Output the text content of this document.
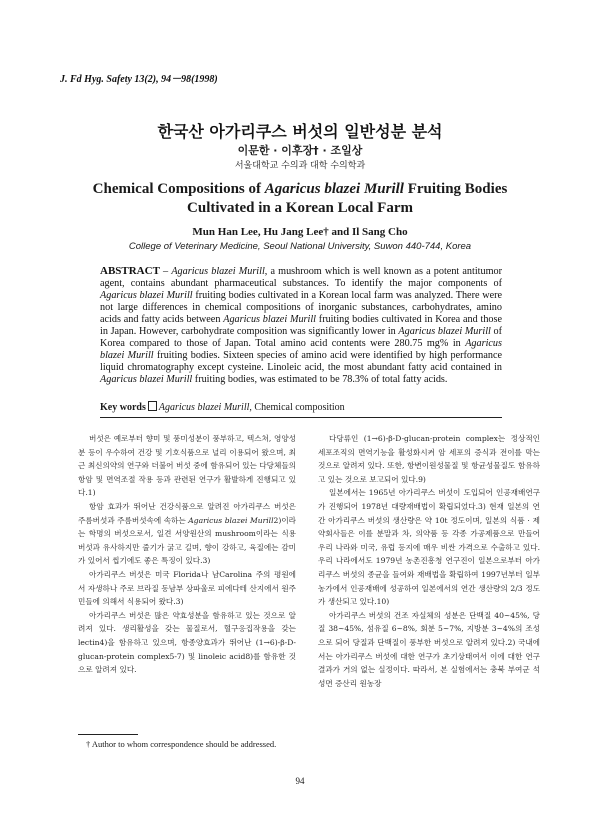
J. Fd Hyg. Safety 13(2), 94－98(1998)
한국산 아가리쿠스 버섯의 일반성분 분석
이문한 · 이후장† · 조일상
서울대학교 수의과 대학 수의학과
Chemical Compositions of Agaricus blazei Murill Fruiting Bodies Cultivated in a Korean Local Farm
Mun Han Lee, Hu Jang Lee† and Il Sang Cho
College of Veterinary Medicine, Seoul National University, Suwon 440-744, Korea
ABSTRACT – Agaricus blazei Murill, a mushroom which is well known as a potent antitumor agent, contains abundant pharmaceutical substances. To identify the major components of Agaricus blazei Murill fruiting bodies cultivated in a Korean local farm was analyzed. There were not large differences in chemical compositions of inorganic substances, carbohydrates, amino acids and fatty acids between Agaricus blazei Murill fruiting bodies cultivated in Korea and those in Japan. However, carbohydrate composition was significantly lower in Agaricus blazei Murill of Korea compared to those of Japan. Total amino acid contents were 280.75 mg% in Agaricus blazei Murill fruiting bodies. Sixteen species of amino acid were identified by high performance liquid chromatography except cysteine. Linoleic acid, the most abundant fatty acid contained in Agaricus blazei Murill fruiting bodies, was estimated to be 78.3% of total fatty acids.
Key words Agaricus blazei Murill, Chemical composition

버섯은 예로부터 향미 및 풍미성분이 풍부하고, 텍스쳐, 영양성분 등이 우수하여 건강 및 기호식품으로 널리 이용되어 왔으며, 최근 최신의약의 연구와 더불어 버섯 중에 함유되어 있는 다당체들의 항암 및 면역조절 작용 등과 관련된 연구가 활발하게 진행되고 있다.1)

항암 효과가 뛰어난 건강식품으로 알려진 아가리쿠스 버섯은 주름버섯과 주름버섯속에 속하는 Agaricus blazei Murill2)이라는 학명의 버섯으로서, 일견 서양원산의 mushroom이라는 식용버섯과 유사하지만 줄기가 굵고 길며, 향이 강하고, 육질에는 감미가 있어서 씹기에도 좋은 특징이 있다.3)

아가리쿠스 버섯은 미국 Florida나 남Carolina 주의 평원에서 자생하나 주로 브라질 동남부 상파울로 피에다테 산지에서 원주민들에 의해서 식용되어 왔다.3)

아가리쿠스 버섯은 많은 약효성분을 함유하고 있는 것으로 알려져 있다. 생리활성을 갖는 물질로서, 혈구응집작용을 갖는 lectin4)을 함유하고 있으며, 항종양효과가 뛰어난 (1→6)-β-D-glucan-protein complex5-7) 및 linoleic acid8)를 함유한 것으로 알려져 있다.

다당류인 (1→6)-β-D-glucan-protein complex는 정상적인 세포조직의 면역기능을 활성화시켜 암 세포의 증식과 전이를 막는 것으로 알려져 있다. 또한, 항변이원성물질 및 항균성물질도 함유하고 있는 것으로 보고되어 있다.9)

일본에서는 1965년 아가리쿠스 버섯이 도입되어 인공재배연구가 진행되어 1978년 대량재배법이 확립되었다.3) 현재 일본의 연간 아가리쿠스 버섯의 생산량은 약 10t 정도이며, 일본의 식품 · 제약회사들은 이를 분말과 차, 의약품 등 각종 가공제품으로 만들어 우리 나라와 미국, 유럽 등지에 매우 비싼 가격으로 수출하고 있다. 우리 나라에서도 1979년 농촌진흥청 연구진이 일본으로부터 아가리쿠스 버섯의 종균을 들여와 재배법을 확립하여 1997년부터 일부농가에서 인공재배에 성공하여 일본에서의 연간 생산량의 2/3 정도가 생산되고 있다.10)

아가리쿠스 버섯의 건조 자실체의 성분은 단백질 40~45%, 당질 38~45%, 섬유질 6~8%, 회분 5~7%, 지방분 3~4%의 조성으로 되어 당질과 단백질이 풍부한 버섯으로 알려져 있다.2) 국내에서는 아가리쿠스 버섯에 대한 연구가 초기상태여서 이에 대한 연구결과가 거의 없는 실정이다. 따라서, 본 실험에서는 충북 부여군 석성면 증산리 원농장

† Author to whom correspondence should be addressed.
94
